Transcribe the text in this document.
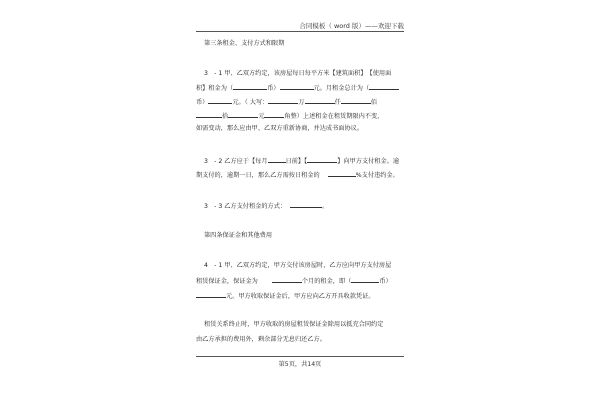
合同模板（ word 版）——欢迎下载
第三条租金、支付方式和限期
3　- 1 甲、乙双方约定，该房屋每日每平方米【建筑面积】　【使用面
积】租金为（	币）	元。月租金总计为（
币）	元。（ 大写：	万	仟	佰
拾	元	角整）上述租金在租赁期限内不变，
如需变动，那么应由甲、乙双方重新协商，并达成书面协议。
3　- 2 乙方应于【每月	日前】【	】向甲方支付租金。逾
期支付的，逾期一日，那么乙方需按日租金的	%支付违约金。
3　- 3 乙方支付租金的方式：	。
第四条保证金和其他费用
4　- 1 甲、乙双方约定，甲方交付该房屋时，乙方应向甲方支付房屋
租赁保证金，保证金为	个月的租金，即（	币）
元。甲方收取保证金后，甲方应向乙方开具收款凭证。
租赁关系终止时，甲方收取的房屋租赁保证金除用以抵充合同约定
由乙方承担的费用外，剩余部分无息归还乙方。
第5页，共14页
